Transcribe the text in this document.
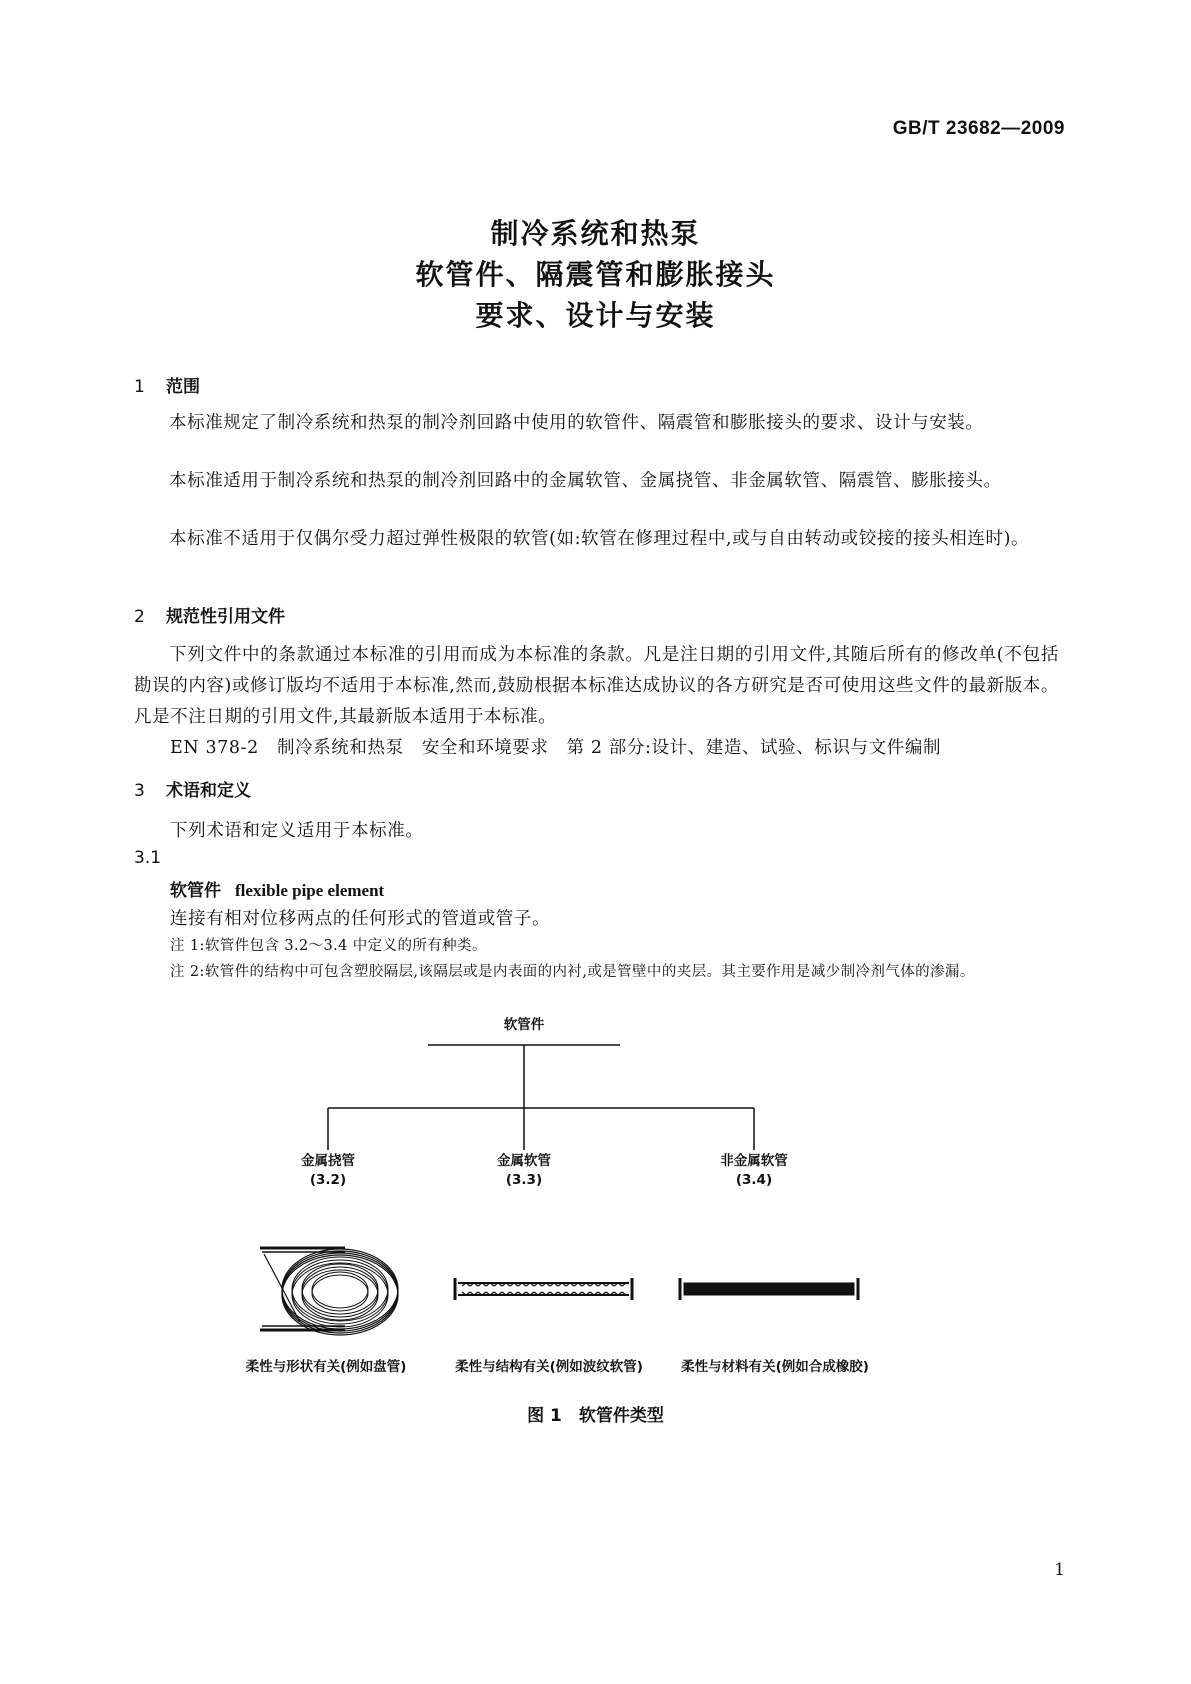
GB/T 23682—2009
制冷系统和热泵
软管件、隔震管和膨胀接头
要求、设计与安装
1 范围
本标准规定了制冷系统和热泵的制冷剂回路中使用的软管件、隔震管和膨胀接头的要求、设计与安装。
本标准适用于制冷系统和热泵的制冷剂回路中的金属软管、金属挠管、非金属软管、隔震管、膨胀接头。
本标准不适用于仅偶尔受力超过弹性极限的软管(如:软管在修理过程中,或与自由转动或铰接的接头相连时)。
2 规范性引用文件
下列文件中的条款通过本标准的引用而成为本标准的条款。凡是注日期的引用文件,其随后所有的修改单(不包括勘误的内容)或修订版均不适用于本标准,然而,鼓励根据本标准达成协议的各方研究是否可使用这些文件的最新版本。凡是不注日期的引用文件,其最新版本适用于本标准。
EN 378-2　制冷系统和热泵　安全和环境要求　第 2 部分:设计、建造、试验、标识与文件编制
3 术语和定义
下列术语和定义适用于本标准。
3.1
软管件 flexible pipe element
连接有相对位移两点的任何形式的管道或管子。
注 1:软管件包含 3.2～3.4 中定义的所有种类。
注 2:软管件的结构中可包含塑胶隔层,该隔层或是内表面的内衬,或是管壁中的夹层。其主要作用是减少制冷剂气体的渗漏。
软管件
金属挠管
(3.2)
金属软管
(3.3)
非金属软管
(3.4)
柔性与形状有关(例如盘管)	柔性与结构有关(例如波纹软管)	柔性与材料有关(例如合成橡胶)
图 1　软管件类型
1
